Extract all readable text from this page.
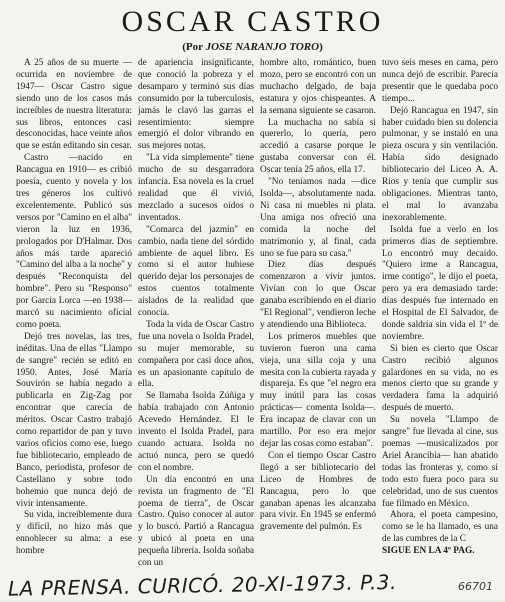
OSCAR CASTRO
(Por JOSE NARANJO TORO)

A 25 años de su muerte —ocurrida en noviembre de 1947— Oscar Castro sigue siendo uno de los casos más increíbles de nuestra literatura: sus libros, entonces casi desconocidas, hace veinte años que se están editando sin cesar.

Castro —nacido en Rancagua en 1910— es cribió poesía, cuento y novela y los tres géneros los cultivó excelentemente. Publicó sus versos por "Camino en el alba" vieron la luz en 1936, prologados por D'Halmar. Dos años más tarde apareció "Camino del alba a la noche" y después "Reconquista del hombre". Pero su "Responso" por García Lorca —en 1938— marcó su nacimiento oficial como poeta.

Dejó tres novelas, las tres, inéditas. Una de ellas "Llampo de sangre" recién se editó en 1950. Antes, José María Souvirón se había negado a publicarla en Zig-Zag por encontrar que carecía de méritos. Oscar Castro trabajó como repartidor de pan y tuvo varios oficios como ese, luego fue bibliotecario, empleado de Banco, periodista, profesor de Castellano y sobre todo bohemio que nunca dejó de vivir intensamente.

Su vida, increíblemente dura y difícil, no hizo más que ennoblecer su alma: a ese hombre

de apariencia insignificante, que conoció la pobreza y el desamparo y terminó sus días consumido por la tuberculosis, jamás le clavó las garras el resentimiento: siempre emergió el dolor vibrando en sus mejores notas.

"La vida simplemente" tiene mucho de su desgarradora infancia. Esa novela es la cruel realidad que él vivió, mezclado a sucesos oídos o inventados.

"Comarca del jazmín" en cambio, nada tiene del sórdido ambiente de aquel libro. Es como si el autor hubiese querido dejar los personajes de estos cuentos totalmente aislados de la realidad que conocía.

Toda la vida de Oscar Castro fue una novela o Isolda Pradel, su mujer memorable, su compañera por casi doce años, es un apasionante capítulo de ella.

Se llamaba Isolda Zúñiga y había trabajado con Antonio Acevedo Hernández. El le invento el Isolda Pradel, para cuando actuara. Isolda no actuó nunca, pero se quedó con el nombre.

Un día encontró en una revista un fragmento de "El poema de tierra", de Oscar Castro. Quiso conocer al autor y lo buscó. Partió a Rancagua y ubicó al poeta en una pequeña librería. Isolda soñaba con un

hombre alto, romántico, buen mozo, pero se encontró con un muchacho delgado, de baja estatura y ojos chispeantes. A la semana siguiente se casaron.

La muchacha no sabía si quererlo, lo quería, pero accedió a casarse porque le gustaba conversar con él. Oscar tenía 25 años, ella 17.

"No teníamos nada —dice Isolda—, absolutamente nada. Ni casa ni muebles ni plata. Una amiga nos ofreció una comida la noche del matrimonio y, al final, cada uno se fue para su casa."

Diez días después comenzaron a vivir juntos. Vivían con lo que Oscar ganaba escribiendo en el diario "El Regional", vendieron leche y atendiendo una Biblioteca.

Los primeros muebles que tuvieron fueron una cama vieja, una silla coja y una mesita con la cubierta rayada y dispareja. Es que "el negro era muy inútil para las cosas prácticas— comenta Isolda—. Era incapaz de clavar con un martillo. Por eso era mejor dejar las cosas como estaban".

Con el tiempo Oscar Castro llegó a ser bibliotecario del Liceo de Hombres de Rancagua, pero lo que ganaban apenas les alcanzaba para vivir. En 1945 se enfermó gravemente del pulmón. Es

tuvo seis meses en cama, pero nunca dejó de escribir. Parecía presentir que le quedaba poco tiempo...

Dejó Rancagua en 1947, sin haber cuidado bien su dolencia pulmonar, y se instaló en una pieza oscura y sin ventilación. Había sido designado bibliotecario del Liceo A. A. Ríos y tenía que cumplir sus obligaciones. Mientras tanto, el mal lo avanzaba inexorablemente.

Isolda fue a verlo en los primeros días de septiembre. Lo encontró muy decaído. "Quiero irme a Rancagua, irme contigo", le dijo el poeta, pero ya era demasiado tarde: días después fue internado en el Hospital de El Salvador, de donde saldría sin vida el 1º de noviembre.

Si bien es cierto que Oscar Castro recibió algunos galardones en su vida, no es menos cierto que su grande y verdadera fama la adquirió después de muerto.

Su novela "Llampo de sangre" fue llevada al cine, sus poemas —musicalizados por Ariel Arancibia— han abatido todas las fronteras y, como si todo esto fuera poco para su celebridad, uno de sus cuentos fue filmado en México.

Ahora, el poeta campesino, como se le ha llamado, es una de las cumbres de la C

SIGUE EN LA 4º PAG.

LA PRENSA. CURICÓ. 20-XI-1973. P.3.	66701
